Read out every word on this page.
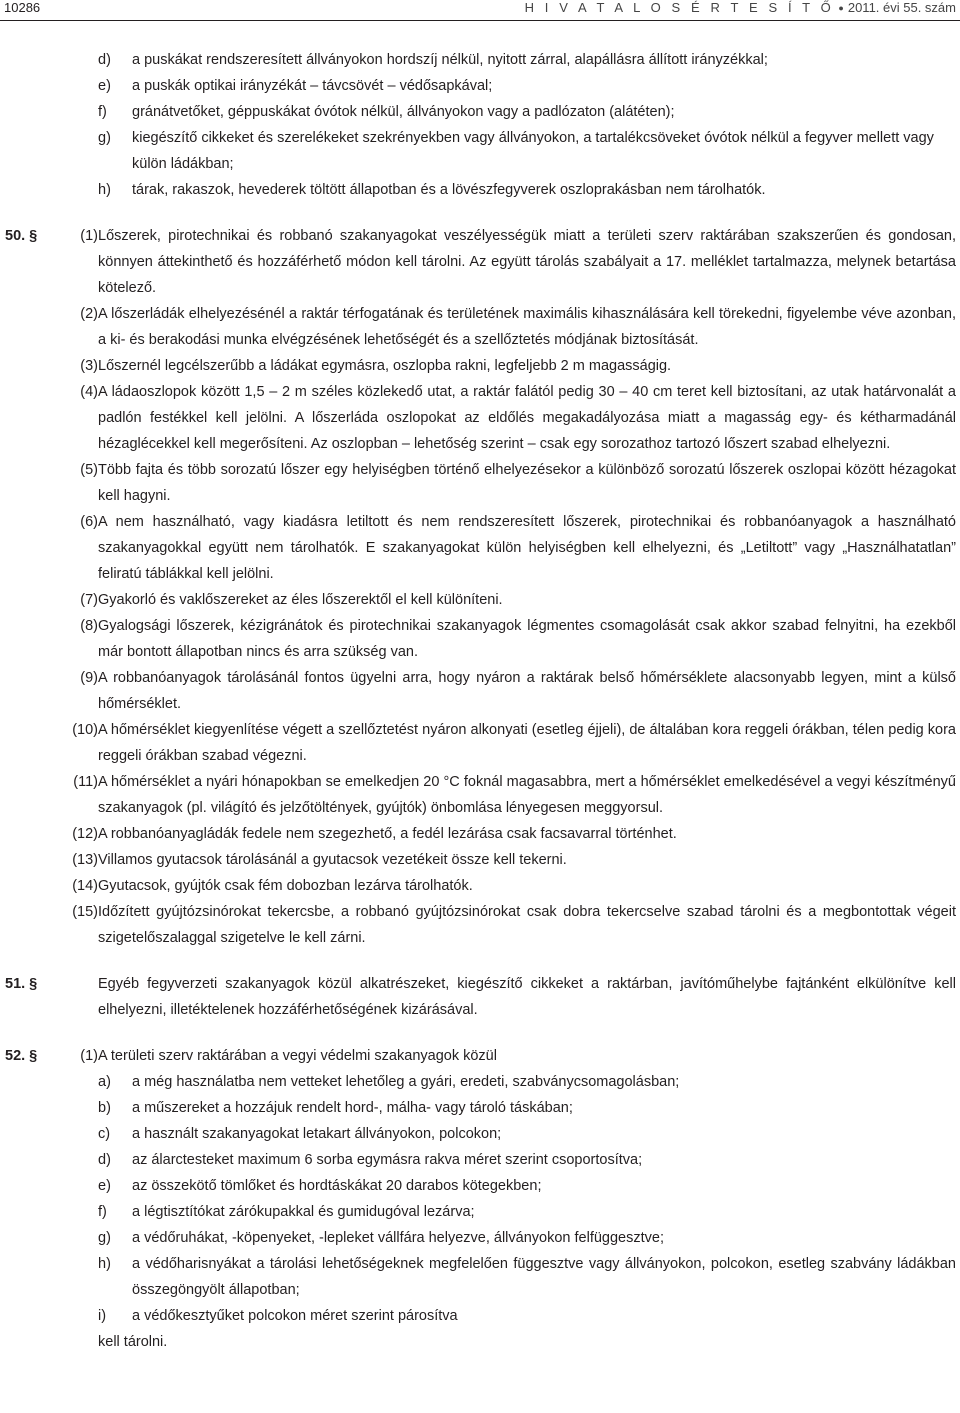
10286	H I V A T A L O S É R T E S Í T Ő ● 2011. évi 55. szám
d) a puskákat rendszeresített állványokon hordszíj nélkül, nyitott zárral, alapállásra állított irányzékkal;
e) a puskák optikai irányzékát – távcsövét – védősapkával;
f) gránátvetőket, géppuskákat óvótok nélkül, állványokon vagy a padlózaton (alátéten);
g) kiegészítő cikkeket és szerelékeket szekrényekben vagy állványokon, a tartalékcsöveket óvótok nélkül a fegyver mellett vagy külön ládákban;
h) tárak, rakaszok, hevederek töltött állapotban és a lövészfegyverek oszloprakásban nem tárolhatók.
50. §	(1) Lőszerek, pirotechnikai és robbanó szakanyagokat veszélyességük miatt a területi szerv raktárában szakszerűen és gondosan, könnyen áttekinthető és hozzáférhető módon kell tárolni. Az együtt tárolás szabályait a 17. melléklet tartalmazza, melynek betartása kötelező.
(2) A lőszerládák elhelyezésénél a raktár térfogatának és területének maximális kihasználására kell törekedni, figyelembe véve azonban, a ki- és berakodási munka elvégzésének lehetőségét és a szellőztetés módjának biztosítását.
(3) Lőszernél legcélszerűbb a ládákat egymásra, oszlopba rakni, legfeljebb 2 m magasságig.
(4) A ládaoszlopok között 1,5 – 2 m széles közlekedő utat, a raktár falától pedig 30 – 40 cm teret kell biztosítani, az utak határvonalát a padlón festékkel kell jelölni. A lőszerláda oszlopokat az eldőlés megakadályozása miatt a magasság egy- és kétharmadánál hézaglécekkel kell megerősíteni. Az oszlopban – lehetőség szerint – csak egy sorozathoz tartozó lőszert szabad elhelyezni.
(5) Több fajta és több sorozatú lőszer egy helyiségben történő elhelyezésekor a különböző sorozatú lőszerek oszlopai között hézagokat kell hagyni.
(6) A nem használható, vagy kiadásra letiltott és nem rendszeresített lőszerek, pirotechnikai és robbanóanyagok a használható szakanyagokkal együtt nem tárolhatók. E szakanyagokat külön helyiségben kell elhelyezni, és „Letiltott” vagy „Használhatatlan” feliratú táblákkal kell jelölni.
(7) Gyakorló és vaklőszereket az éles lőszerektől el kell különíteni.
(8) Gyalogsági lőszerek, kézigránátok és pirotechnikai szakanyagok légmentes csomagolását csak akkor szabad felnyitni, ha ezekből már bontott állapotban nincs és arra szükség van.
(9) A robbanóanyagok tárolásánál fontos ügyelni arra, hogy nyáron a raktárak belső hőmérséklete alacsonyabb legyen, mint a külső hőmérséklet.
(10) A hőmérséklet kiegyenlítése végett a szellőztetést nyáron alkonyati (esetleg éjjeli), de általában kora reggeli órákban, télen pedig kora reggeli órákban szabad végezni.
(11) A hőmérséklet a nyári hónapokban se emelkedjen 20 °C foknál magasabbra, mert a hőmérséklet emelkedésével a vegyi készítményű szakanyagok (pl. világító és jelzőtöltények, gyújtók) önbomlása lényegesen meggyorsul.
(12) A robbanóanyagládák fedele nem szegezhető, a fedél lezárása csak facsavarral történhet.
(13) Villamos gyutacsok tárolásánál a gyutacsok vezetékeit össze kell tekerni.
(14) Gyutacsok, gyújtók csak fém dobozban lezárva tárolhatók.
(15) Időzített gyújtózsinórokat tekercsbe, a robbanó gyújtózsinórokat csak dobra tekercselve szabad tárolni és a megbontottak végeit szigetelőszalaggal szigetelve le kell zárni.
51. §	Egyéb fegyverzeti szakanyagok közül alkatrészeket, kiegészítő cikkeket a raktárban, javítóműhelybe fajtánként elkülönítve kell elhelyezni, illetéktelenek hozzáférhetőségének kizárásával.
52. §	(1) A területi szerv raktárában a vegyi védelmi szakanyagok közül
a) a még használatba nem vetteket lehetőleg a gyári, eredeti, szabványcsomagolásban;
b) a műszereket a hozzájuk rendelt hord-, málha- vagy tároló táskában;
c) a használt szakanyagokat letakart állványokon, polcokon;
d) az álarctesteket maximum 6 sorba egymásra rakva méret szerint csoportosítva;
e) az összekötő tömlőket és hordtáskákat 20 darabos kötegekben;
f) a légtisztítókat zárókupakkal és gumidugóval lezárva;
g) a védőruhákat, -köpenyeket, -lepleket vállfára helyezve, állványokon felfüggesztve;
h) a védőharisnyákat a tárolási lehetőségeknek megfelelően függesztve vagy állványokon, polcokon, esetleg szabvány ládákban összegöngyölt állapotban;
i) a védőkesztyűket polcokon méret szerint párosítva
kell tárolni.
